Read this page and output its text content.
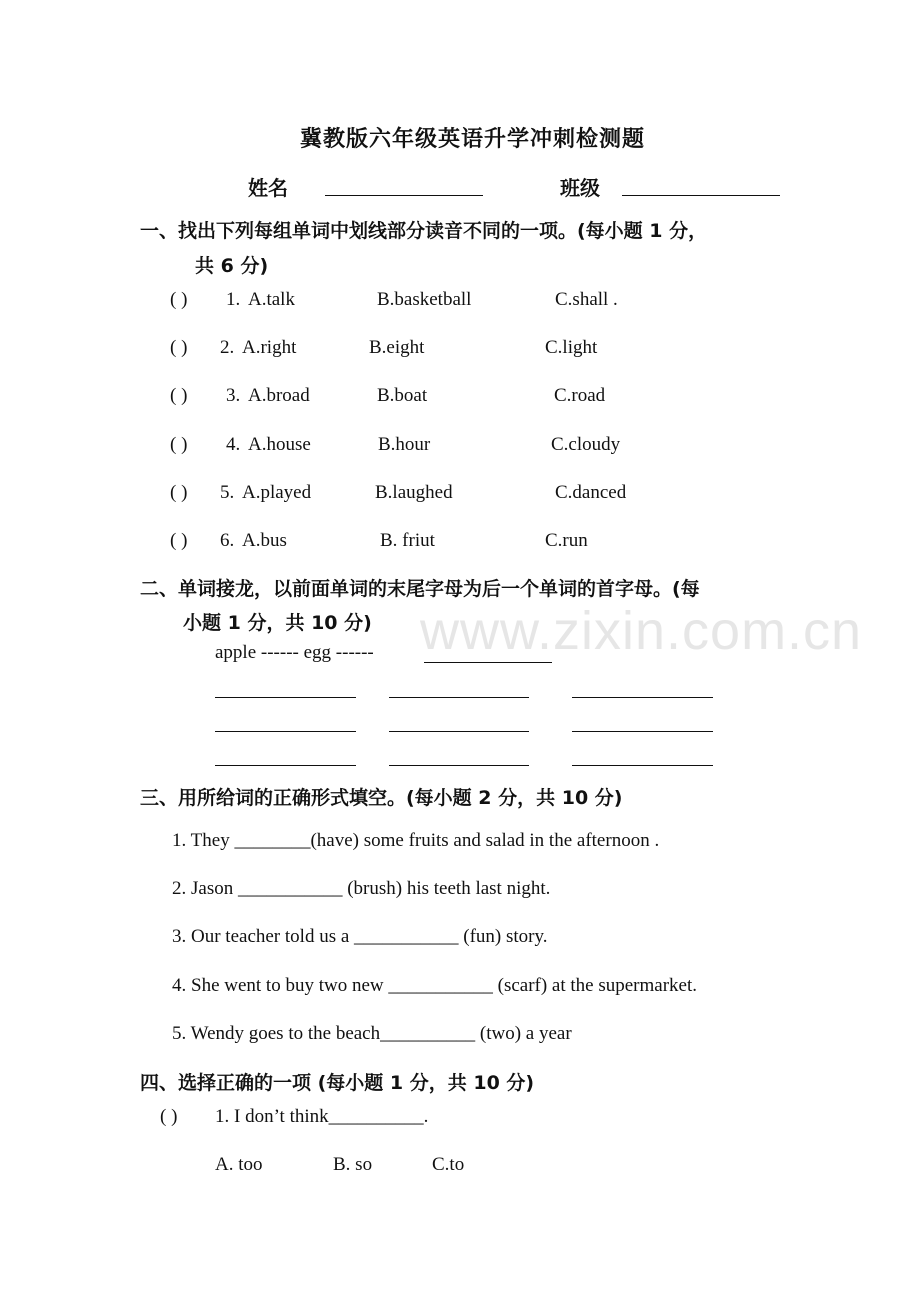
www.zixin.com.cn
冀教版六年级英语升学冲刺检测题
姓名	班级
一、找出下列每组单词中划线部分读音不同的一项。(每小题 1 分，
共 6 分)
( ) 1. A.talk	B.basketball	C.shall .
( ) 2. A.right	B.eight	C.light
( ) 3. A.broad	B.boat	C.road
( ) 4. A.house	B.hour	C.cloudy
( ) 5. A.played	B.laughed	C.danced
( ) 6. A.bus	B. friut	C.run
二、单词接龙，以前面单词的末尾字母为后一个单词的首字母。(每
小题 1 分，共 10 分)
apple ------ egg ------
三、用所给词的正确形式填空。(每小题 2 分，共 10 分)
1. They ________(have) some fruits and salad in the afternoon .
2. Jason ___________ (brush) his teeth last night.
3. Our teacher told us a ___________ (fun) story.
4. She went to buy two new ___________ (scarf) at the supermarket.
5. Wendy goes to the beach__________ (two) a year
四、选择正确的一项 (每小题 1 分，共 10 分)
( ) 1. I don’t think__________.
A. too	B. so	C.to
